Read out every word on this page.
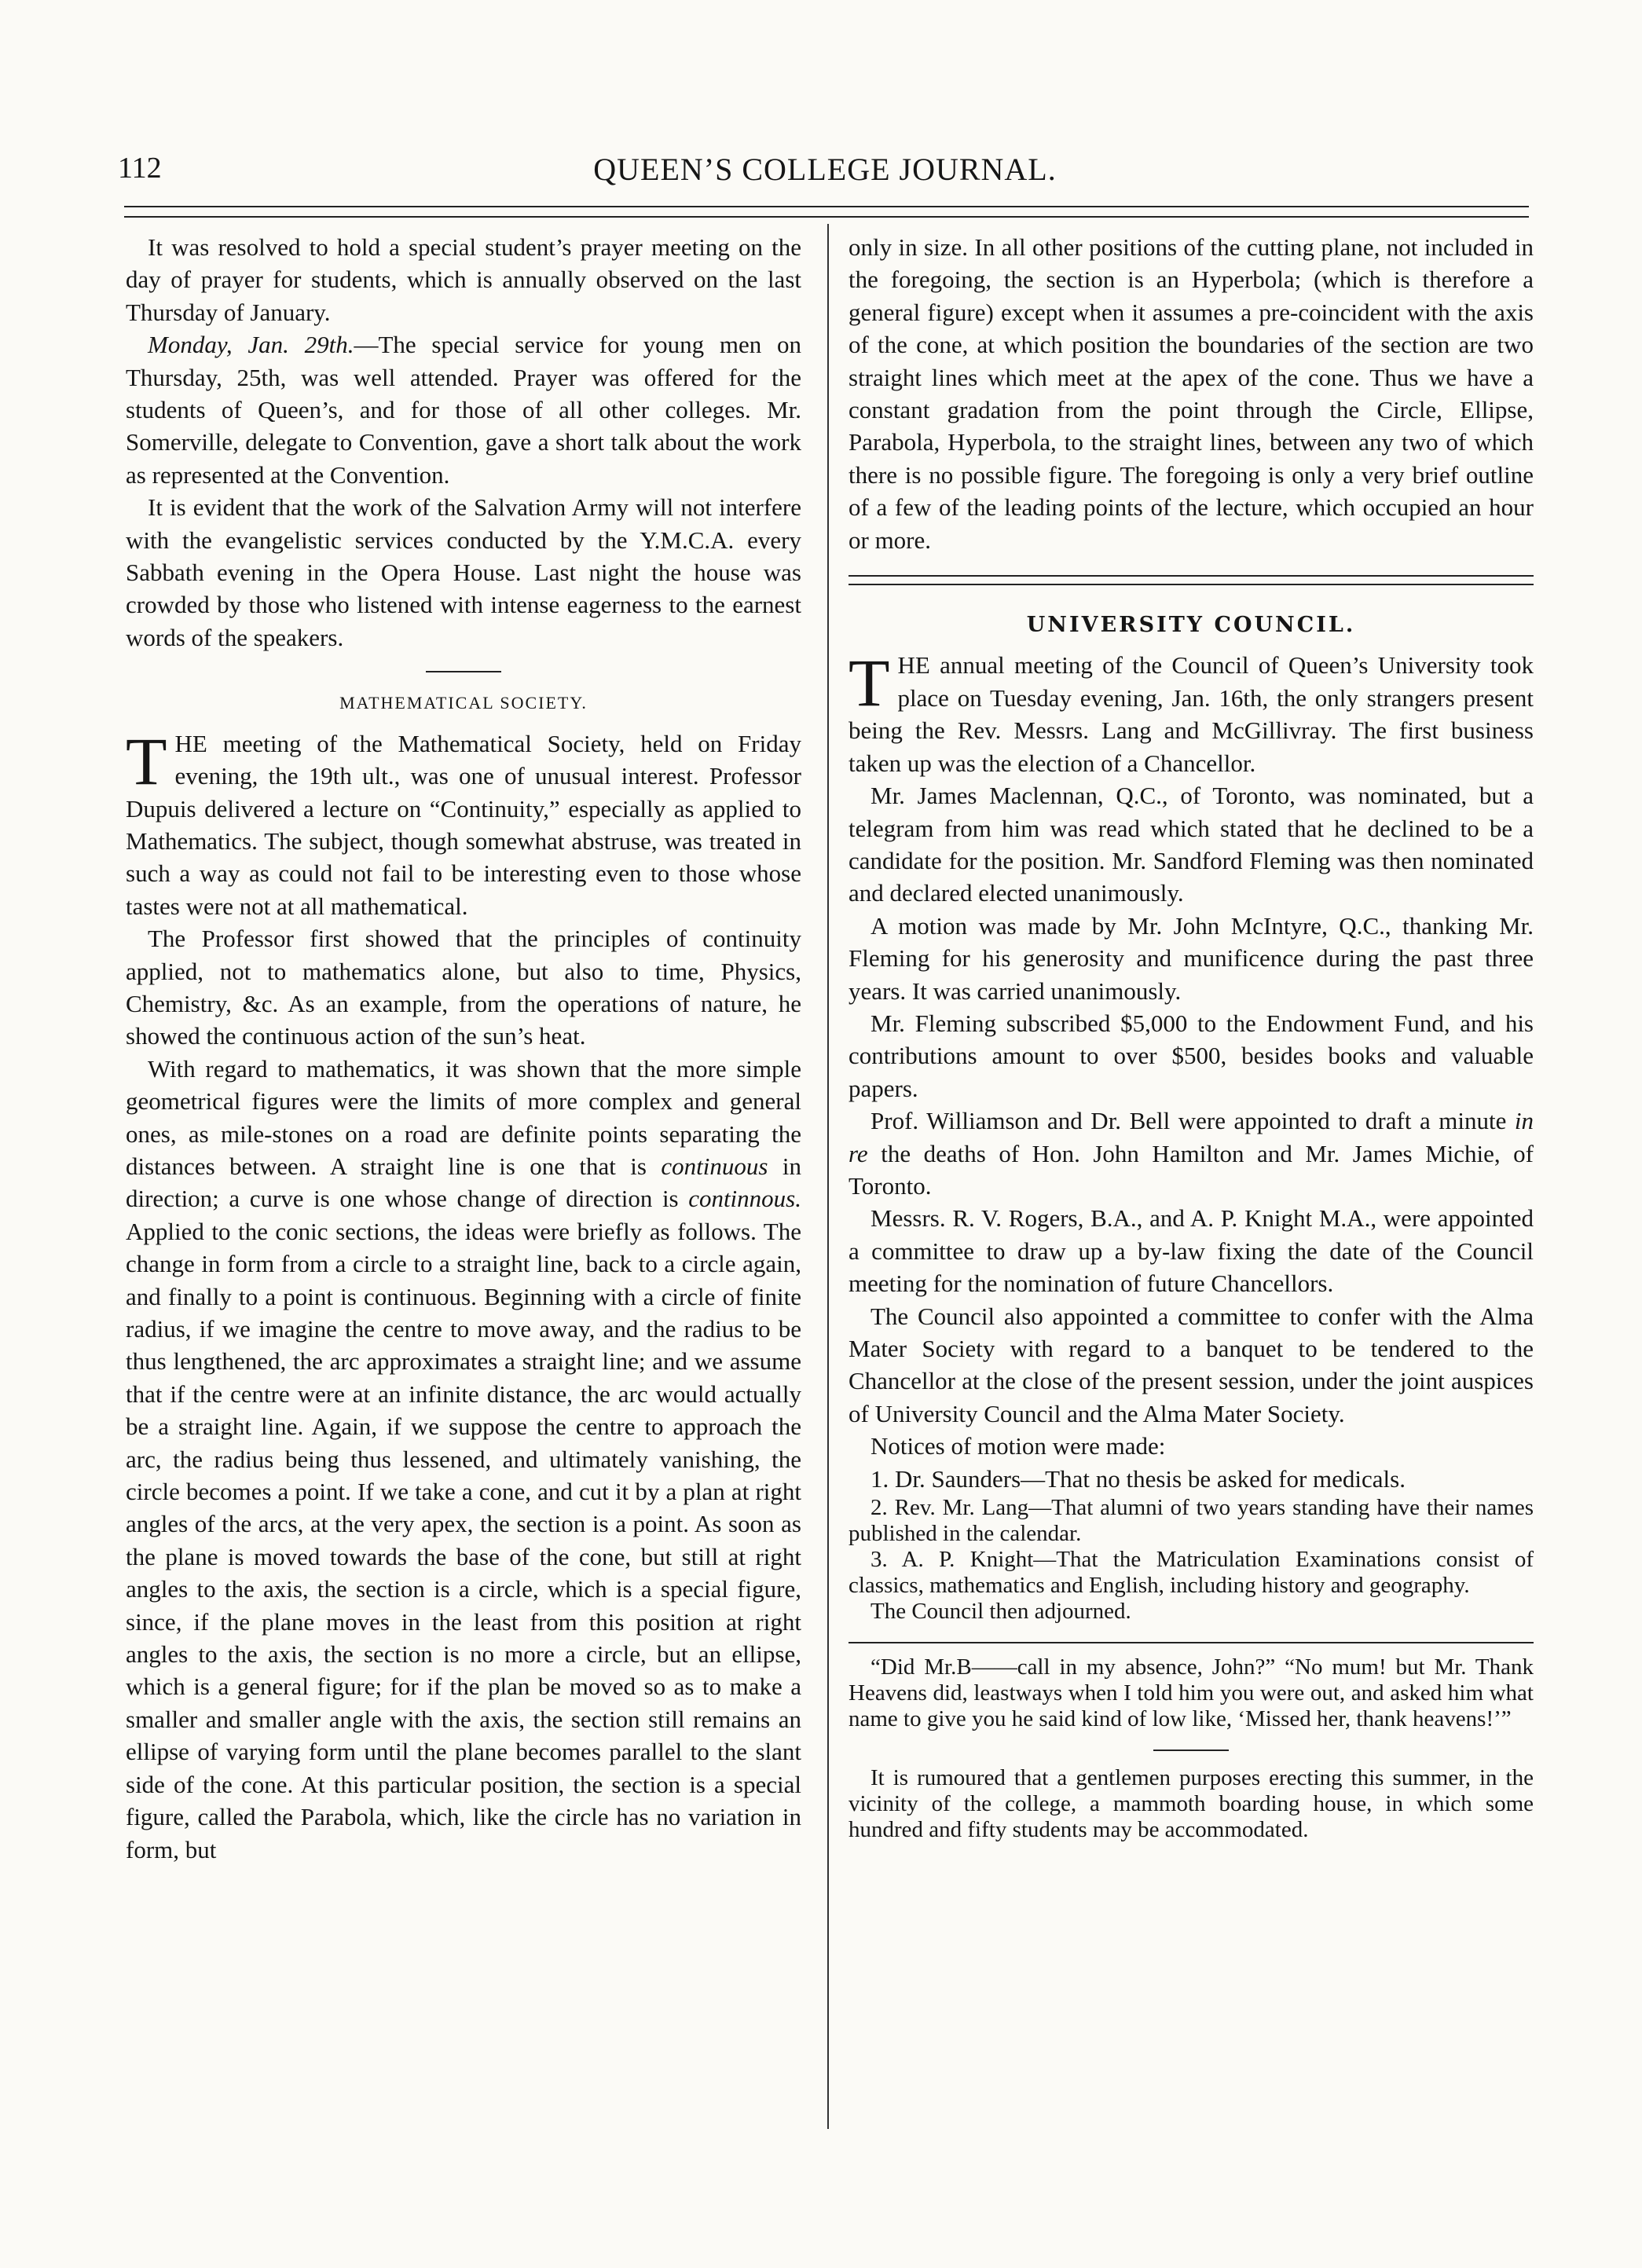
112	QUEEN’S COLLEGE JOURNAL.

It was resolved to hold a special student’s prayer meeting on the day of prayer for students, which is annually observed on the last Thursday of January.

Monday, Jan. 29th.—The special service for young men on Thursday, 25th, was well attended. Prayer was offered for the students of Queen’s, and for those of all other colleges. Mr. Somerville, delegate to Convention, gave a short talk about the work as represented at the Convention.

It is evident that the work of the Salvation Army will not interfere with the evangelistic services conducted by the Y.M.C.A. every Sabbath evening in the Opera House. Last night the house was crowded by those who listened with intense eagerness to the earnest words of the speakers.

MATHEMATICAL SOCIETY.

THE meeting of the Mathematical Society, held on Friday evening, the 19th ult., was one of unusual interest. Professor Dupuis delivered a lecture on “Continuity,” especially as applied to Mathematics. The subject, though somewhat abstruse, was treated in such a way as could not fail to be interesting even to those whose tastes were not at all mathematical.

The Professor first showed that the principles of continuity applied, not to mathematics alone, but also to time, Physics, Chemistry, &c. As an example, from the operations of nature, he showed the continuous action of the sun’s heat.

With regard to mathematics, it was shown that the more simple geometrical figures were the limits of more complex and general ones, as mile-stones on a road are definite points separating the distances between. A straight line is one that is continuous in direction; a curve is one whose change of direction is continnous. Applied to the conic sections, the ideas were briefly as follows. The change in form from a circle to a straight line, back to a circle again, and finally to a point is continuous. Beginning with a circle of finite radius, if we imagine the centre to move away, and the radius to be thus lengthened, the arc approximates a straight line; and we assume that if the centre were at an infinite distance, the arc would actually be a straight line. Again, if we suppose the centre to approach the arc, the radius being thus lessened, and ultimately vanishing, the circle becomes a point. If we take a cone, and cut it by a plan at right angles of the arcs, at the very apex, the section is a point. As soon as the plane is moved towards the base of the cone, but still at right angles to the axis, the section is a circle, which is a special figure, since, if the plane moves in the least from this position at right angles to the axis, the section is no more a circle, but an ellipse, which is a general figure; for if the plan be moved so as to make a smaller and smaller angle with the axis, the section still remains an ellipse of varying form until the plane becomes parallel to the slant side of the cone. At this particular position, the section is a special figure, called the Parabola, which, like the circle has no variation in form, but

only in size. In all other positions of the cutting plane, not included in the foregoing, the section is an Hyperbola; (which is therefore a general figure) except when it assumes a pre-coincident with the axis of the cone, at which position the boundaries of the section are two straight lines which meet at the apex of the cone. Thus we have a constant gradation from the point through the Circle, Ellipse, Parabola, Hyperbola, to the straight lines, between any two of which there is no possible figure. The foregoing is only a very brief outline of a few of the leading points of the lecture, which occupied an hour or more.

UNIVERSITY COUNCIL.

THE annual meeting of the Council of Queen’s University took place on Tuesday evening, Jan. 16th, the only strangers present being the Rev. Messrs. Lang and McGillivray. The first business taken up was the election of a Chancellor.

Mr. James Maclennan, Q.C., of Toronto, was nominated, but a telegram from him was read which stated that he declined to be a candidate for the position. Mr. Sandford Fleming was then nominated and declared elected unanimously.

A motion was made by Mr. John McIntyre, Q.C., thanking Mr. Fleming for his generosity and munificence during the past three years. It was carried unanimously.

Mr. Fleming subscribed $5,000 to the Endowment Fund, and his contributions amount to over $500, besides books and valuable papers.

Prof. Williamson and Dr. Bell were appointed to draft a minute in re the deaths of Hon. John Hamilton and Mr. James Michie, of Toronto.

Messrs. R. V. Rogers, B.A., and A. P. Knight M.A., were appointed a committee to draw up a by-law fixing the date of the Council meeting for the nomination of future Chancellors.

The Council also appointed a committee to confer with the Alma Mater Society with regard to a banquet to be tendered to the Chancellor at the close of the present session, under the joint auspices of University Council and the Alma Mater Society.

Notices of motion were made:

1. Dr. Saunders—That no thesis be asked for medicals.

2. Rev. Mr. Lang—That alumni of two years standing have their names published in the calendar.

3. A. P. Knight—That the Matriculation Examinations consist of classics, mathematics and English, including history and geography.

The Council then adjourned.

“Did Mr.B——call in my absence, John?” “No mum! but Mr. Thank Heavens did, leastways when I told him you were out, and asked him what name to give you he said kind of low like, ‘Missed her, thank heavens!’”

It is rumoured that a gentlemen purposes erecting this summer, in the vicinity of the college, a mammoth boarding house, in which some hundred and fifty students may be accommodated.
